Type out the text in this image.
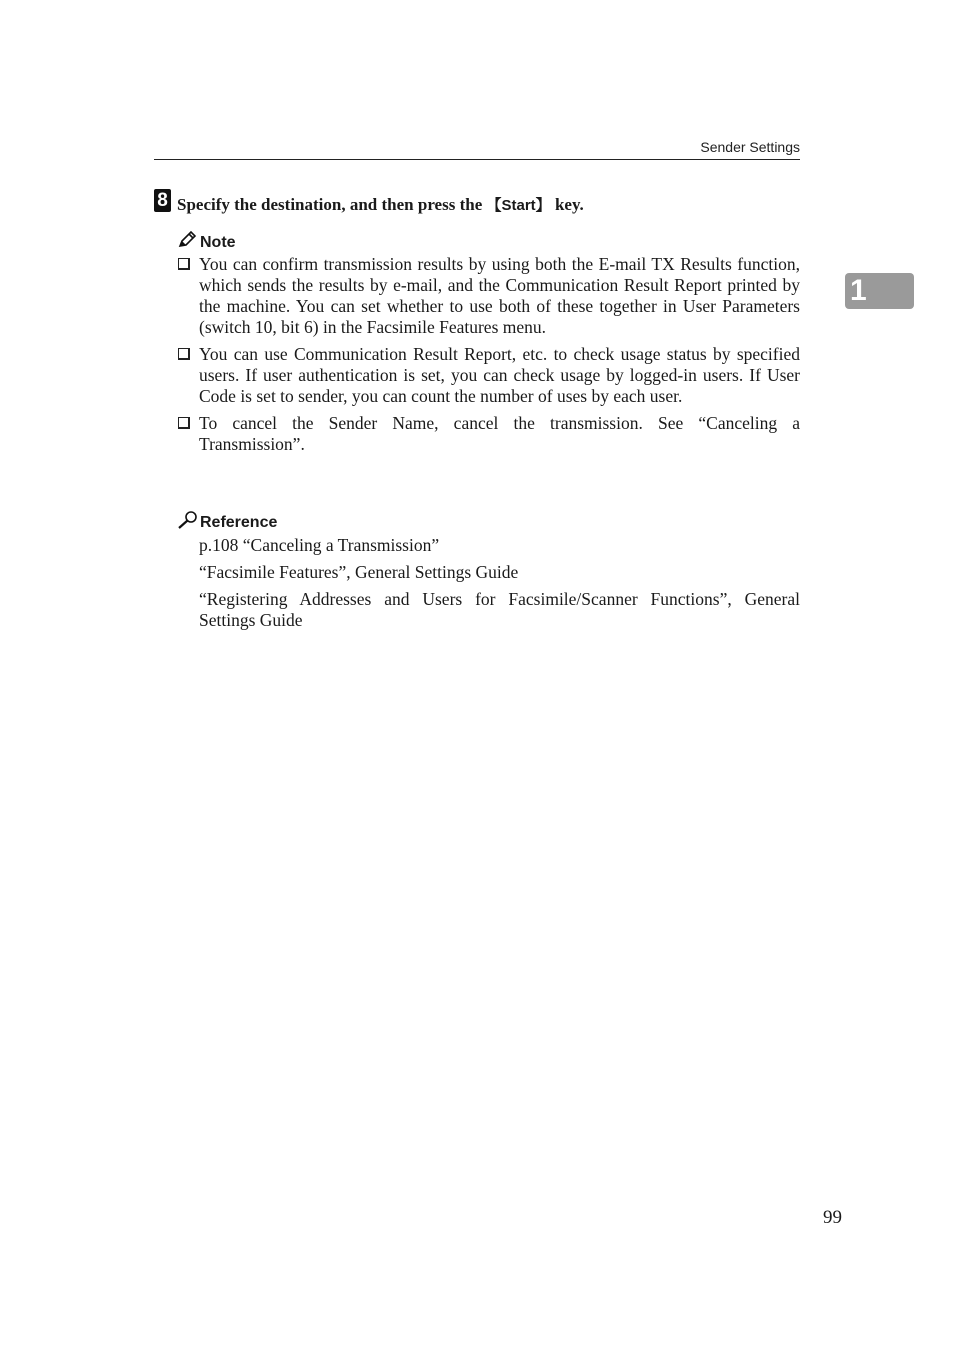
Sender Settings
1
8 Specify the destination, and then press the 【Start】 key.
Note
You can confirm transmission results by using both the E-mail TX Results function, which sends the results by e-mail, and the Communication Result Report printed by the machine. You can set whether to use both of these together in User Parameters (switch 10, bit 6) in the Facsimile Features menu.
You can use Communication Result Report, etc. to check usage status by specified users. If user authentication is set, you can check usage by logged-in users. If User Code is set to sender, you can count the number of uses by each user.
To cancel the Sender Name, cancel the transmission. See “Canceling a Transmission”.
Reference

p.108 “Canceling a Transmission”

“Facsimile Features”, General Settings Guide

“Registering Addresses and Users for Facsimile/Scanner Functions”, General Settings Guide

99
